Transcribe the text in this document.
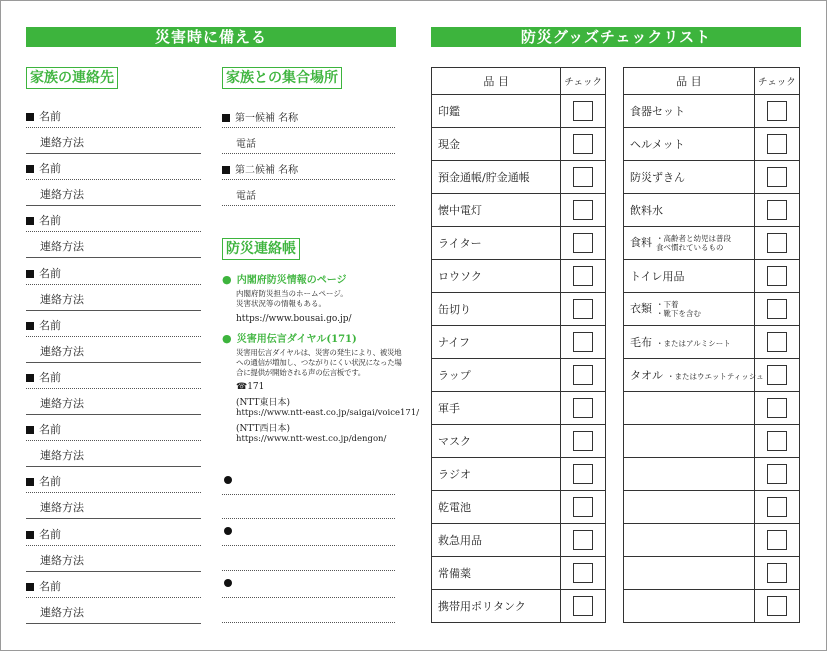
災害時に備える	防災グッズチェックリスト
家族の連絡先
名前
連絡方法
名前
連絡方法
名前
連絡方法
名前
連絡方法
名前
連絡方法
名前
連絡方法
名前
連絡方法
名前
連絡方法
名前
連絡方法
名前
連絡方法
家族との集合場所
第一候補 名称
電話
第二候補 名称
電話
防災連絡帳
● 内閣府防災情報のページ
内閣府防災担当のホームページ。
災害状況等の情報もある。
https://www.bousai.go.jp/
● 災害用伝言ダイヤル(171)
災害用伝言ダイヤルは、災害の発生により、被災地
への通信が増加し、つながりにくい状況になった場
合に提供が開始される声の伝言板です。
☎171
(NTT東日本)
https://www.ntt-east.co.jp/saigai/voice171/
(NTT西日本)
https://www.ntt-west.co.jp/dengon/
品 目	チェック
印鑑	
現金	
預金通帳/貯金通帳	
懐中電灯	
ライター	
ロウソク	
缶切り	
ナイフ	
ラップ	
軍手	
マスク	
ラジオ	
乾電池	
救急用品	
常備薬	
携帯用ポリタンク	
品 目	チェック
食器セット	
ヘルメット	
防災ずきん	
飲料水	
食料 ・高齢者と幼児は普段
食べ慣れているもの	
トイレ用品	
衣類 ・下着
・靴下を含む	
毛布 ・またはアルミシート	
タオル ・またはウエットティッシュ	
